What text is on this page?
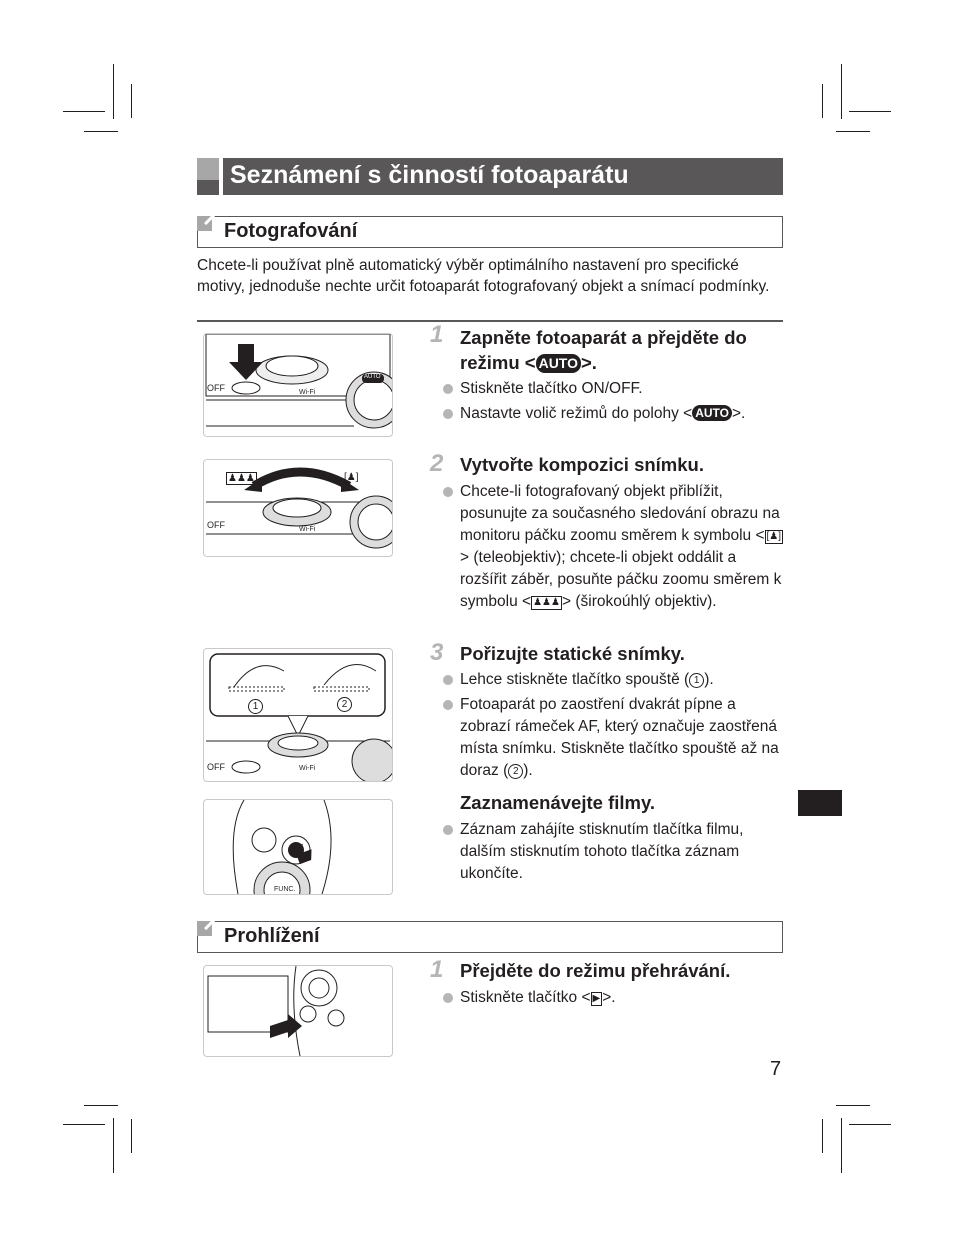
Seznámení s činností fotoaparátu
Fotografování
Chcete-li používat plně automatický výběr optimálního nastavení pro specifické motivy, jednoduše nechte určit fotoaparát fotografovaný objekt a snímací podmínky.
1 Zapněte fotoaparát a přejděte do režimu < AUTO >.
Stiskněte tlačítko ON/OFF.
Nastavte volič režimů do polohy < AUTO >.
OFF	Wi-Fi
AUTO
2 Vytvořte kompozici snímku.
Chcete-li fotografovaný objekt přiblížit, posunujte za současného sledování obrazu na monitoru páčku zoomu směrem k symbolu < [♟]> (teleobjektiv); chcete-li objekt oddálit a rozšířit záběr, posuňte páčku zoomu směrem k symbolu < ♟♟♟ > (širokoúhlý objektiv).
♟♟♟	[♟]
OFF	Wi-Fi
3 Pořizujte statické snímky.
Lehce stiskněte tlačítko spouště ( 1 ).
Fotoaparát po zaostření dvakrát pípne a zobrazí rámeček AF, který označuje zaostřená místa snímku. Stiskněte tlačítko spouště až na doraz ( 2 ).
1	2
OFF	Wi-Fi
Zaznamenávejte filmy.
Záznam zahájíte stisknutím tlačítka filmu, dalším stisknutím tohoto tlačítka záznam ukončíte.
FUNC.
Prohlížení
1 Přejděte do režimu přehrávání.
Stiskněte tlačítko < ▶ >.
7
